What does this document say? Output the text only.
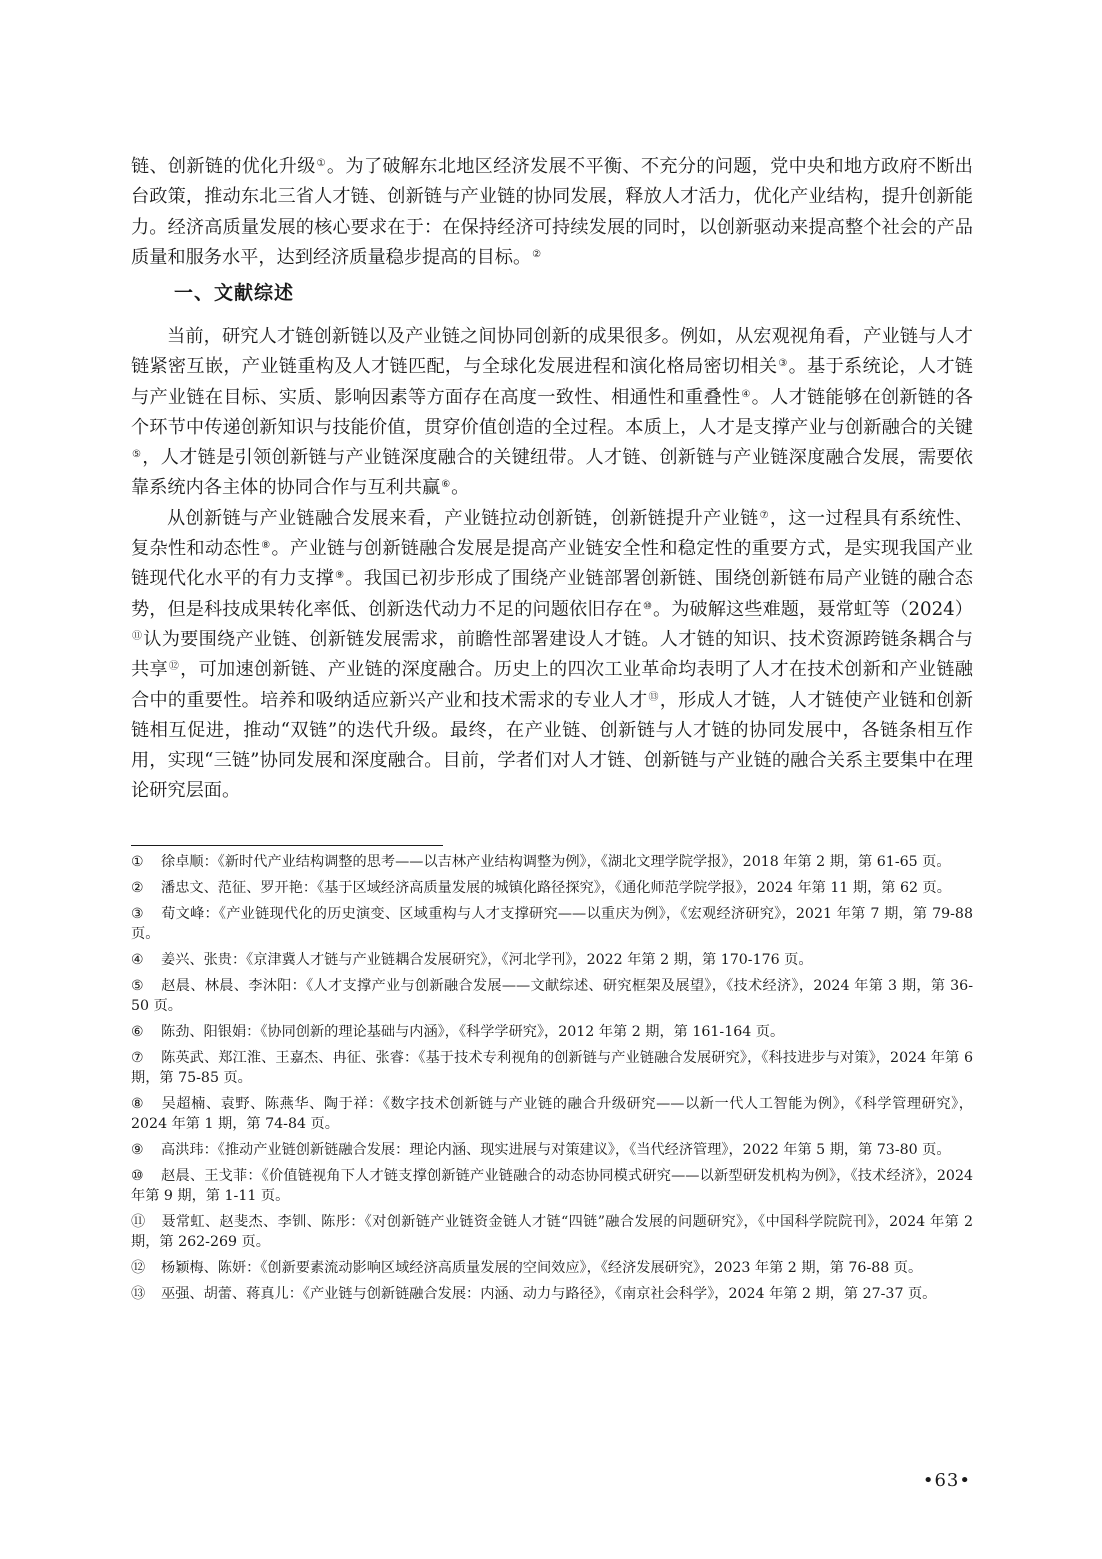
链、创新链的优化升级①。为了破解东北地区经济发展不平衡、不充分的问题，党中央和地方政府不断出台政策，推动东北三省人才链、创新链与产业链的协同发展，释放人才活力，优化产业结构，提升创新能力。经济高质量发展的核心要求在于：在保持经济可持续发展的同时，以创新驱动来提高整个社会的产品质量和服务水平，达到经济质量稳步提高的目标。②

一、文献综述

当前，研究人才链创新链以及产业链之间协同创新的成果很多。例如，从宏观视角看，产业链与人才链紧密互嵌，产业链重构及人才链匹配，与全球化发展进程和演化格局密切相关③。基于系统论，人才链与产业链在目标、实质、影响因素等方面存在高度一致性、相通性和重叠性④。人才链能够在创新链的各个环节中传递创新知识与技能价值，贯穿价值创造的全过程。本质上，人才是支撑产业与创新融合的关键⑤，人才链是引领创新链与产业链深度融合的关键纽带。人才链、创新链与产业链深度融合发展，需要依靠系统内各主体的协同合作与互利共赢⑥。

从创新链与产业链融合发展来看，产业链拉动创新链，创新链提升产业链⑦，这一过程具有系统性、复杂性和动态性⑧。产业链与创新链融合发展是提高产业链安全性和稳定性的重要方式，是实现我国产业链现代化水平的有力支撑⑨。我国已初步形成了围绕产业链部署创新链、围绕创新链布局产业链的融合态势，但是科技成果转化率低、创新迭代动力不足的问题依旧存在⑩。为破解这些难题，聂常虹等（2024）⑪认为要围绕产业链、创新链发展需求，前瞻性部署建设人才链。人才链的知识、技术资源跨链条耦合与共享⑫，可加速创新链、产业链的深度融合。历史上的四次工业革命均表明了人才在技术创新和产业链融合中的重要性。培养和吸纳适应新兴产业和技术需求的专业人才⑬，形成人才链，人才链使产业链和创新链相互促进，推动“双链”的迭代升级。最终，在产业链、创新链与人才链的协同发展中，各链条相互作用，实现“三链”协同发展和深度融合。目前，学者们对人才链、创新链与产业链的融合关系主要集中在理论研究层面。

① 徐卓顺：《新时代产业结构调整的思考——以吉林产业结构调整为例》，《湖北文理学院学报》，2018 年第 2 期，第 61-65 页。

② 潘忠文、范征、罗开艳：《基于区域经济高质量发展的城镇化路径探究》，《通化师范学院学报》，2024 年第 11 期，第 62 页。

③ 荀文峰：《产业链现代化的历史演变、区域重构与人才支撑研究——以重庆为例》，《宏观经济研究》，2021 年第 7 期，第 79-88 页。

④ 姜兴、张贵：《京津冀人才链与产业链耦合发展研究》，《河北学刊》，2022 年第 2 期，第 170-176 页。

⑤ 赵晨、林晨、李沐阳：《人才支撑产业与创新融合发展——文献综述、研究框架及展望》，《技术经济》，2024 年第 3 期，第 36-50 页。

⑥ 陈劲、阳银娟：《协同创新的理论基础与内涵》，《科学学研究》，2012 年第 2 期，第 161-164 页。

⑦ 陈英武、郑江淮、王嘉杰、冉征、张睿：《基于技术专利视角的创新链与产业链融合发展研究》，《科技进步与对策》，2024 年第 6 期，第 75-85 页。

⑧ 吴超楠、袁野、陈燕华、陶于祥：《数字技术创新链与产业链的融合升级研究——以新一代人工智能为例》，《科学管理研究》，2024 年第 1 期，第 74-84 页。

⑨ 高洪玮：《推动产业链创新链融合发展：理论内涵、现实进展与对策建议》，《当代经济管理》，2022 年第 5 期，第 73-80 页。

⑩ 赵晨、王戈菲：《价值链视角下人才链支撑创新链产业链融合的动态协同模式研究——以新型研发机构为例》，《技术经济》，2024 年第 9 期，第 1-11 页。

⑪ 聂常虹、赵斐杰、李钏、陈彤：《对创新链产业链资金链人才链“四链”融合发展的问题研究》，《中国科学院院刊》，2024 年第 2 期，第 262-269 页。

⑫ 杨颖梅、陈妍：《创新要素流动影响区域经济高质量发展的空间效应》，《经济发展研究》，2023 年第 2 期，第 76-88 页。

⑬ 巫强、胡蕾、蒋真儿：《产业链与创新链融合发展：内涵、动力与路径》，《南京社会科学》，2024 年第 2 期，第 27-37 页。

•63•
